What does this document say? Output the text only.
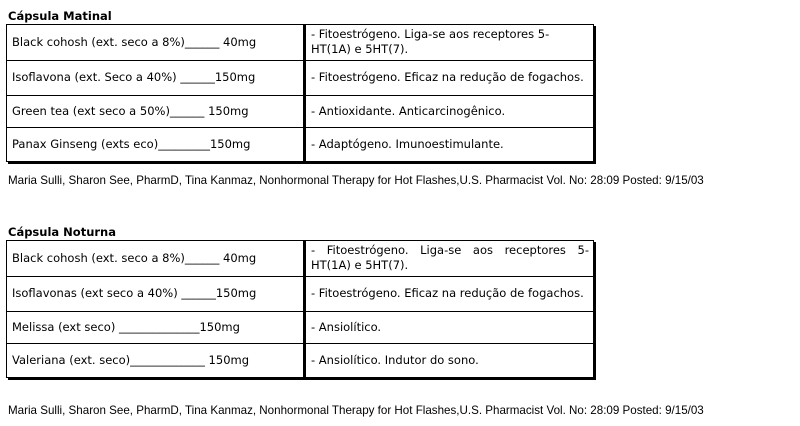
Cápsula Matinal
Black cohosh (ext. seco a 8%)______ 40mg	- Fitoestrógeno. Liga-se aos receptores 5-HT(1A) e 5HT(7).
Isoflavona (ext. Seco a 40%) ______150mg	- Fitoestrógeno. Eficaz na redução de fogachos.
Green tea (ext seco a 50%)______ 150mg	- Antioxidante. Anticarcinogênico.
Panax Ginseng (exts eco)_________150mg	- Adaptógeno. Imunoestimulante.

Maria Sulli, Sharon See, PharmD, Tina Kanmaz, Nonhormonal Therapy for Hot Flashes,U.S. Pharmacist Vol. No: 28:09 Posted: 9/15/03

Cápsula Noturna
Black cohosh (ext. seco a 8%)______ 40mg	- Fitoestrógeno. Liga-se aos receptores 5-HT(1A) e 5HT(7).
Isoflavonas (ext seco a 40%) ______150mg	- Fitoestrógeno. Eficaz na redução de fogachos.
Melissa (ext seco) ______________150mg	- Ansiolítico.
Valeriana (ext. seco)_____________ 150mg	- Ansiolítico. Indutor do sono.

Maria Sulli, Sharon See, PharmD, Tina Kanmaz, Nonhormonal Therapy for Hot Flashes,U.S. Pharmacist Vol. No: 28:09 Posted: 9/15/03
